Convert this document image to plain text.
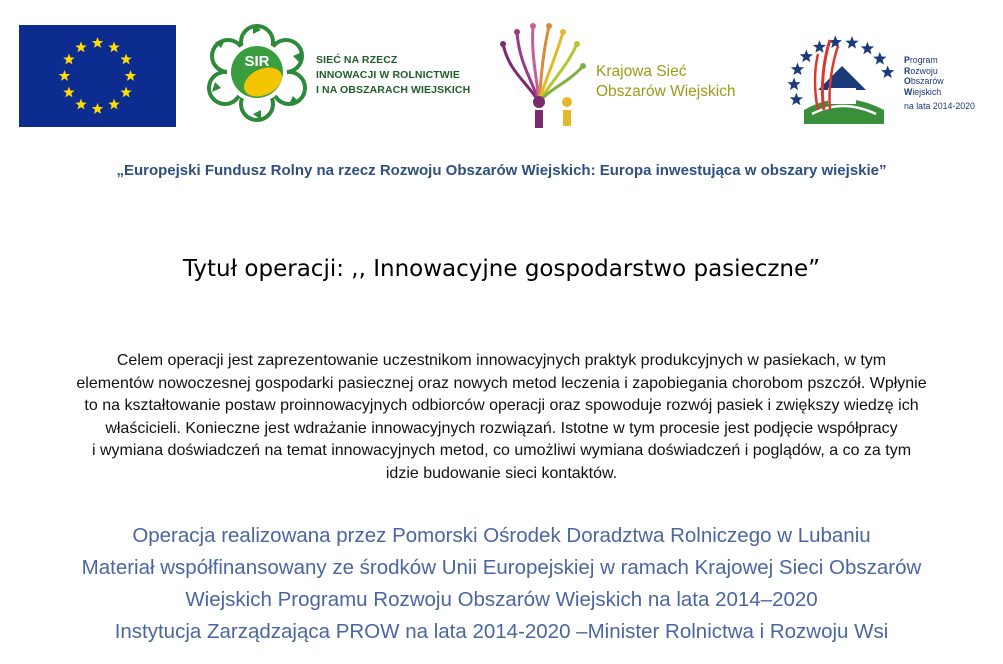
SIR	SIEĆ NA RZECZ
INNOWACJI W ROLNICTWIE
I NA OBSZARACH WIEJSKICH
Krajowa Sieć
Obszarów Wiejskich
Program
Rozwoju
Obszarów
Wiejskich
na lata 2014-2020
„Europejski Fundusz Rolny na rzecz Rozwoju Obszarów Wiejskich: Europa inwestująca w obszary wiejskie”
Tytuł operacji: ,, Innowacyjne gospodarstwo pasieczne”
Celem operacji jest zaprezentowanie uczestnikom innowacyjnych praktyk produkcyjnych w pasiekach, w tym
elementów nowoczesnej gospodarki pasiecznej oraz nowych metod leczenia i zapobiegania chorobom pszczół. Wpłynie
to na kształtowanie postaw proinnowacyjnych odbiorców operacji oraz spowoduje rozwój pasiek i zwiększy wiedzę ich
właścicieli. Konieczne jest wdrażanie innowacyjnych rozwiązań. Istotne w tym procesie jest podjęcie współpracy
i wymiana doświadczeń na temat innowacyjnych metod, co umożliwi wymiana doświadczeń i poglądów, a co za tym
idzie budowanie sieci kontaktów.
Operacja realizowana przez Pomorski Ośrodek Doradztwa Rolniczego w Lubaniu
Materiał współfinansowany ze środków Unii Europejskiej w ramach Krajowej Sieci Obszarów
Wiejskich Programu Rozwoju Obszarów Wiejskich na lata 2014–2020
Instytucja Zarządzająca PROW na lata 2014-2020 –Minister Rolnictwa i Rozwoju Wsi
